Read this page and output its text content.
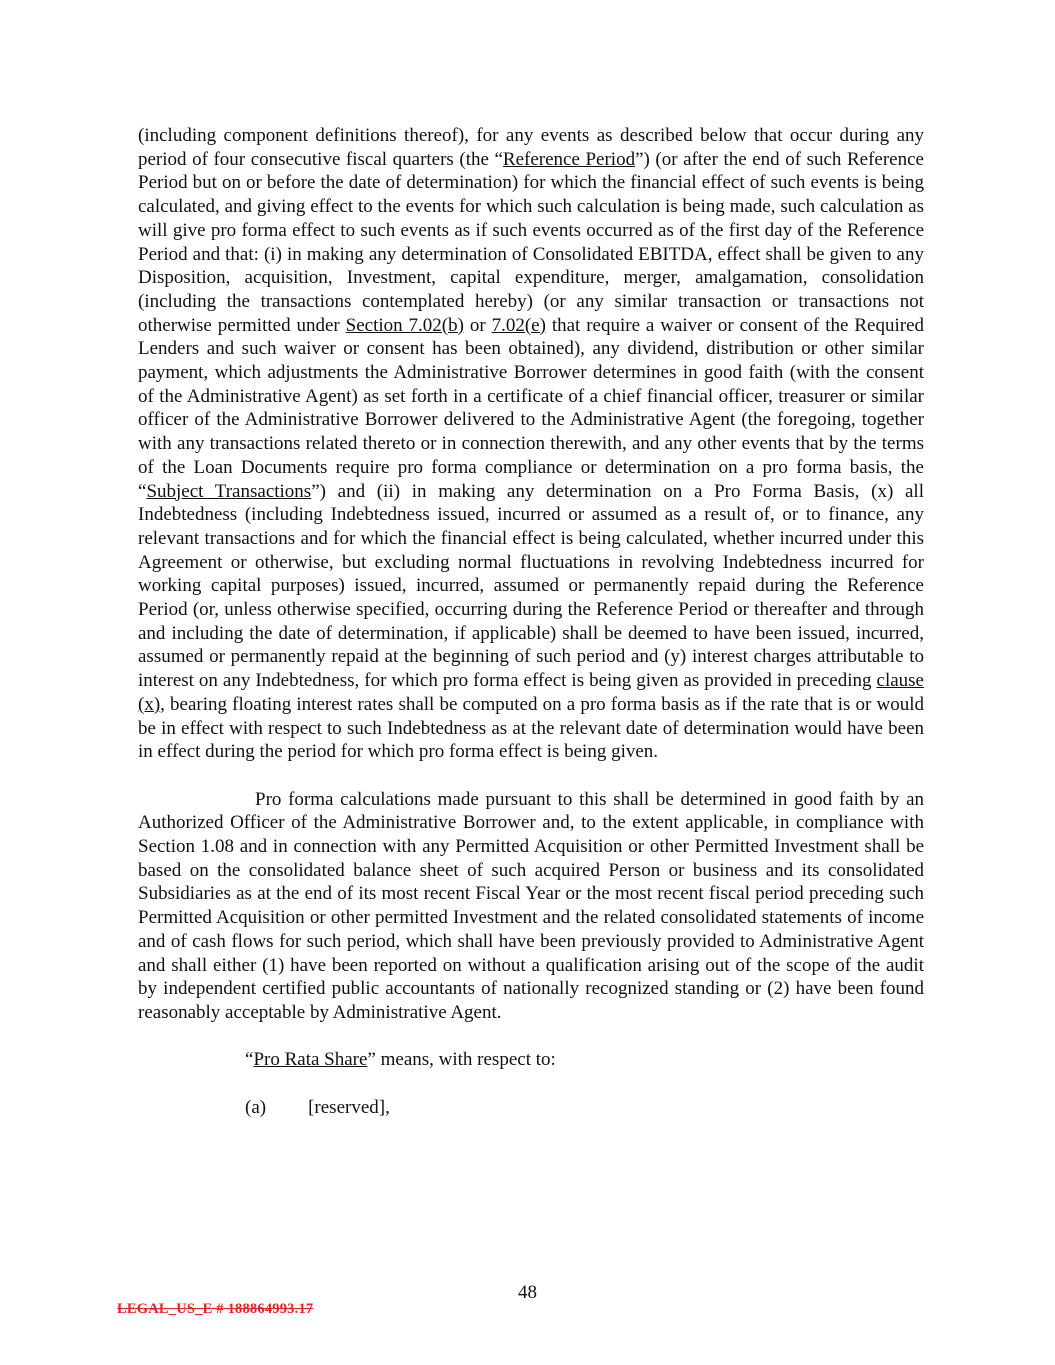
(including component definitions thereof), for any events as described below that occur during any period of four consecutive fiscal quarters (the “Reference Period”) (or after the end of such Reference Period but on or before the date of determination) for which the financial effect of such events is being calculated, and giving effect to the events for which such calculation is being made, such calculation as will give pro forma effect to such events as if such events occurred as of the first day of the Reference Period and that: (i) in making any determination of Consolidated EBITDA, effect shall be given to any Disposition, acquisition, Investment, capital expenditure, merger, amalgamation, consolidation (including the transactions contemplated hereby) (or any similar transaction or transactions not otherwise permitted under Section 7.02(b) or 7.02(e) that require a waiver or consent of the Required Lenders and such waiver or consent has been obtained), any dividend, distribution or other similar payment, which adjustments the Administrative Borrower determines in good faith (with the consent of the Administrative Agent) as set forth in a certificate of a chief financial officer, treasurer or similar officer of the Administrative Borrower delivered to the Administrative Agent (the foregoing, together with any transactions related thereto or in connection therewith, and any other events that by the terms of the Loan Documents require pro forma compliance or determination on a pro forma basis, the “Subject Transactions”) and (ii) in making any determination on a Pro Forma Basis, (x) all Indebtedness (including Indebtedness issued, incurred or assumed as a result of, or to finance, any relevant transactions and for which the financial effect is being calculated, whether incurred under this Agreement or otherwise, but excluding normal fluctuations in revolving Indebtedness incurred for working capital purposes) issued, incurred, assumed or permanently repaid during the Reference Period (or, unless otherwise specified, occurring during the Reference Period or thereafter and through and including the date of determination, if applicable) shall be deemed to have been issued, incurred, assumed or permanently repaid at the beginning of such period and (y) interest charges attributable to interest on any Indebtedness, for which pro forma effect is being given as provided in preceding clause (x), bearing floating interest rates shall be computed on a pro forma basis as if the rate that is or would be in effect with respect to such Indebtedness as at the relevant date of determination would have been in effect during the period for which pro forma effect is being given.

Pro forma calculations made pursuant to this shall be determined in good faith by an Authorized Officer of the Administrative Borrower and, to the extent applicable, in compliance with Section 1.08 and in connection with any Permitted Acquisition or other Permitted Investment shall be based on the consolidated balance sheet of such acquired Person or business and its consolidated Subsidiaries as at the end of its most recent Fiscal Year or the most recent fiscal period preceding such Permitted Acquisition or other permitted Investment and the related consolidated statements of income and of cash flows for such period, which shall have been previously provided to Administrative Agent and shall either (1) have been reported on without a qualification arising out of the scope of the audit by independent certified public accountants of nationally recognized standing or (2) have been found reasonably acceptable by Administrative Agent.

“Pro Rata Share” means, with respect to:

(a) [reserved],

48
LEGAL_US_E # 188864993.17
